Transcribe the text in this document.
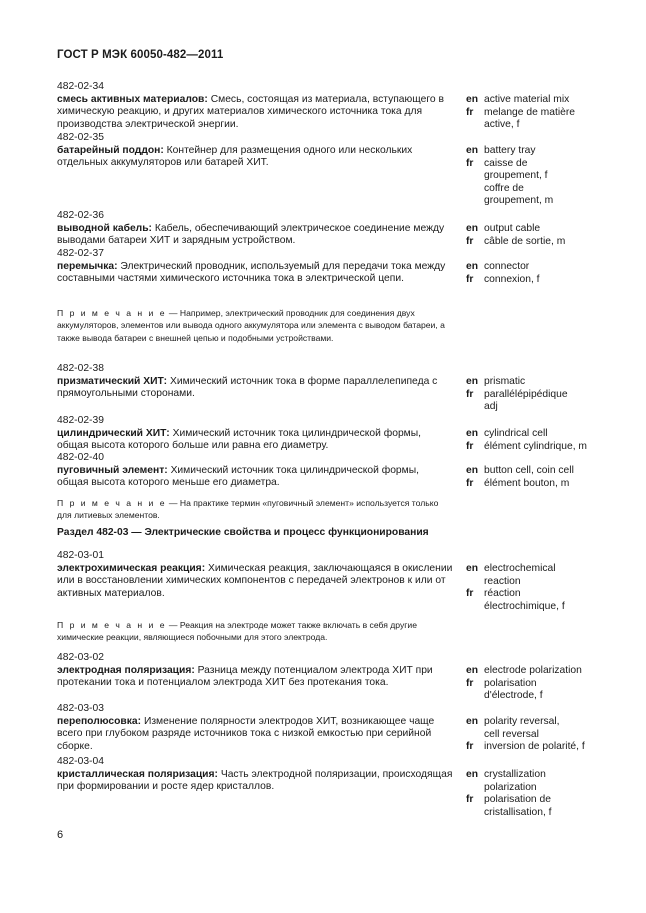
ГОСТ Р МЭК 60050-482—2011
482-02-34
смесь активных материалов: Смесь, состоящая из материала, вступающего в химическую реакцию, и других материалов химического источника тока для производства электрической энергии.
en active material mix
fr	melange de matière
active, f
482-02-35
батарейный поддон: Контейнер для размещения одного или нескольких отдельных аккумуляторов или батарей ХИТ.
en battery tray
fr	caisse de
groupement, f
coffre de
groupement, m
482-02-36
выводной кабель: Кабель, обеспечивающий электрическое соединение между выводами батареи ХИТ и зарядным устройством.
en output cable
fr	câble de sortie, m
482-02-37
перемычка: Электрический проводник, используемый для передачи тока между составными частями химического источника тока в электрической цепи.
en connector
fr	connexion, f
П р и м е ч а н и е — Например, электрический проводник для соединения двух аккумуляторов, элементов или вывода одного аккумулятора или элемента с выводом батареи, а также вывода батареи с внешней цепью и подобными устройствами.
482-02-38
призматический ХИТ: Химический источник тока в форме параллелепипеда с прямоугольными сторонами.
en prismatic
fr	parallélépipédique
adj
482-02-39
цилиндрический ХИТ: Химический источник тока цилиндрической формы, общая высота которого больше или равна его диаметру.
en cylindrical cell
fr	élément cylindrique, m
482-02-40
пуговичный элемент: Химический источник тока цилиндрической формы, общая высота которого меньше его диаметра.
en button cell, coin cell
fr	élément bouton, m
П р и м е ч а н и е — На практике термин «пуговичный элемент» используется только для литиевых элементов.
Раздел 482-03 — Электрические свойства и процесс функционирования
482-03-01
электрохимическая реакция: Химическая реакция, заключающаяся в окислении или в восстановлении химических компонентов с передачей электронов к или от активных материалов.
en electrochemical
reaction
fr	réaction
électrochimique, f
П р и м е ч а н и е — Реакция на электроде может также включать в себя другие химические реакции, являющиеся побочными для этого электрода.
482-03-02
электродная поляризация: Разница между потенциалом электрода ХИТ при протекании тока и потенциалом электрода ХИТ без протекания тока.
en electrode polarization
fr	polarisation
d'électrode, f
482-03-03
переполюсовка: Изменение полярности электродов ХИТ, возникающее чаще всего при глубоком разряде источников тока с низкой емкостью при серийной сборке.
en polarity reversal,
cell reversal
fr	inversion de polarité, f
482-03-04
кристаллическая поляризация: Часть электродной поляризации, происходящая при формировании и росте ядер кристаллов.
en crystallization
polarization
fr	polarisation de
cristallisation, f
6
